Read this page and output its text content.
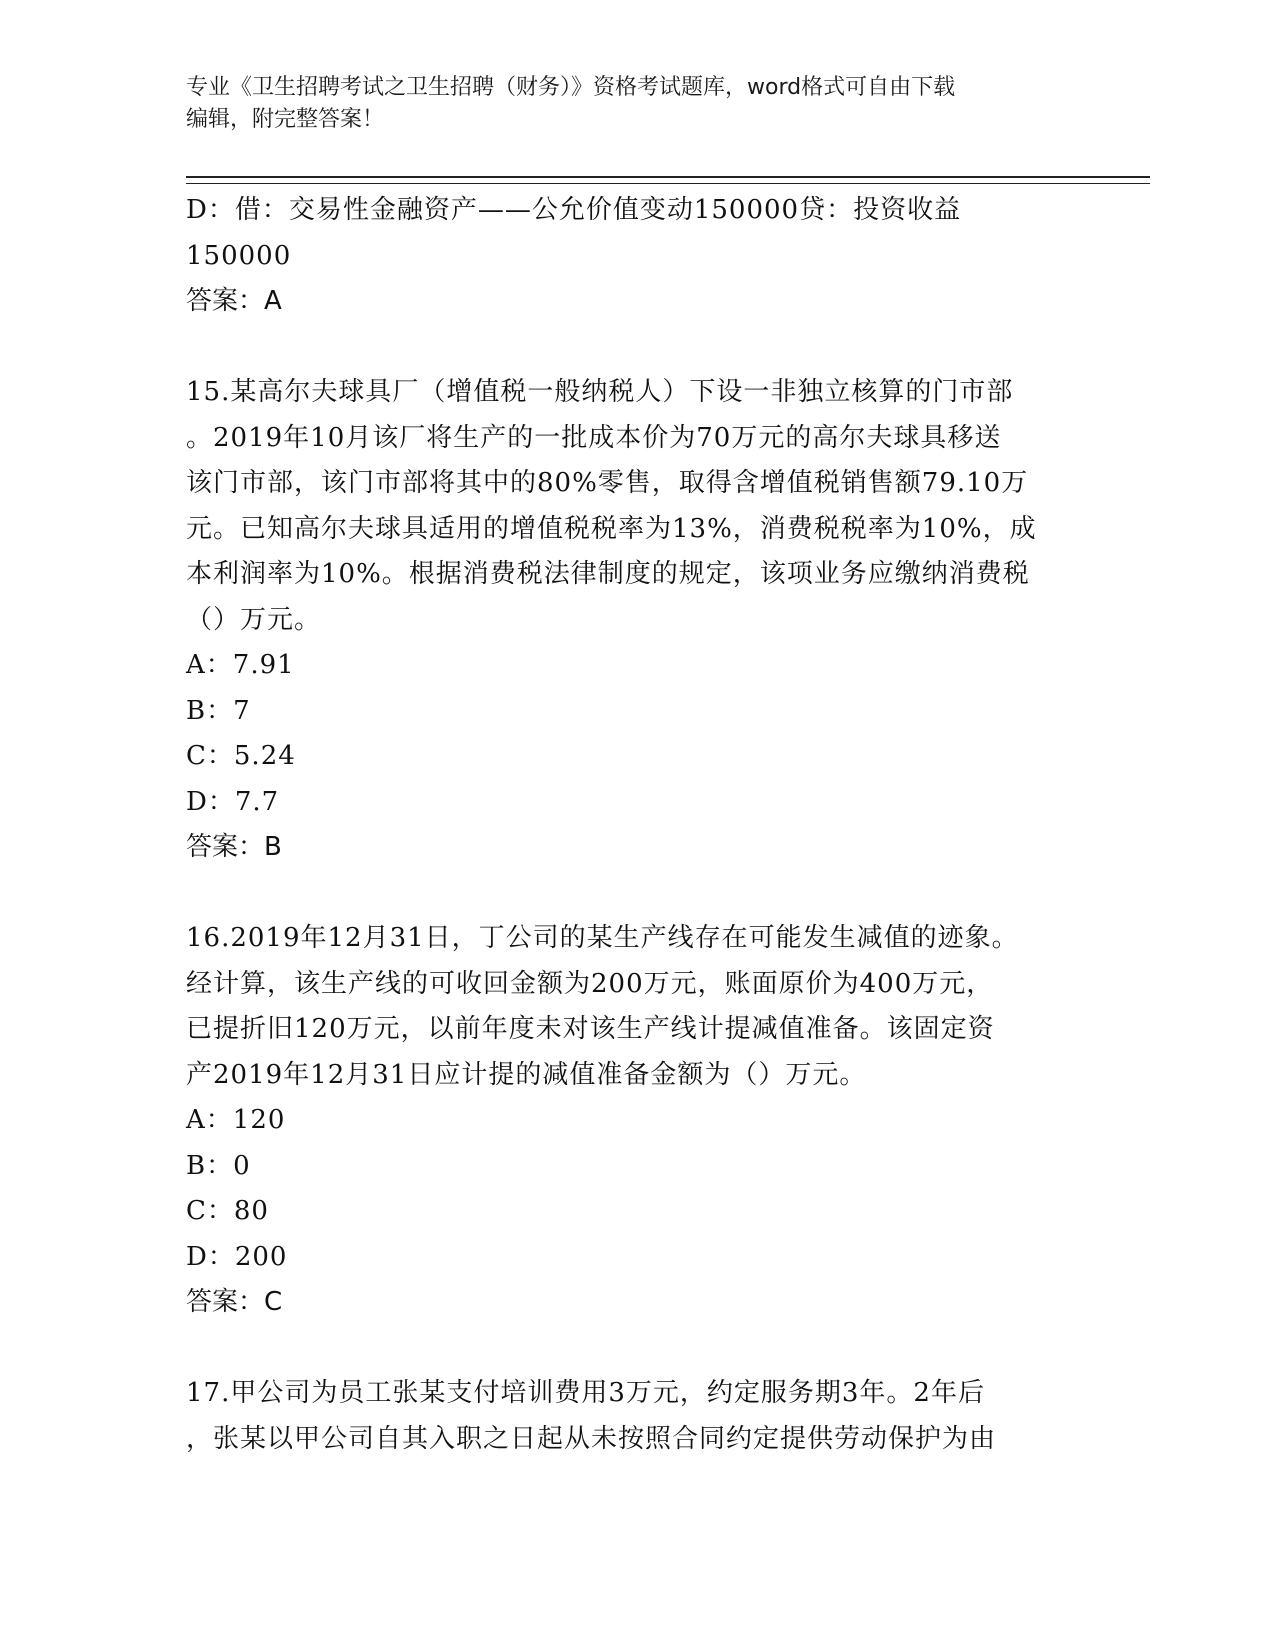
专业《卫生招聘考试之卫生招聘（财务）》资格考试题库，word格式可自由下载
编辑，附完整答案！
D：借：交易性金融资产——公允价值变动150000贷：投资收益
150000
答案：A
15.某高尔夫球具厂（增值税一般纳税人）下设一非独立核算的门市部
。2019年10月该厂将生产的一批成本价为70万元的高尔夫球具移送
该门市部，该门市部将其中的80%零售，取得含增值税销售额79.10万
元。已知高尔夫球具适用的增值税税率为13%，消费税税率为10%，成
本利润率为10%。根据消费税法律制度的规定，该项业务应缴纳消费税
（）万元。
A：7.91
B：7
C：5.24
D：7.7
答案：B
16.2019年12月31日，丁公司的某生产线存在可能发生减值的迹象。
经计算，该生产线的可收回金额为200万元，账面原价为400万元，
已提折旧120万元，以前年度未对该生产线计提减值准备。该固定资
产2019年12月31日应计提的减值准备金额为（）万元。
A：120
B：0
C：80
D：200
答案：C
17.甲公司为员工张某支付培训费用3万元，约定服务期3年。2年后
，张某以甲公司自其入职之日起从未按照合同约定提供劳动保护为由
